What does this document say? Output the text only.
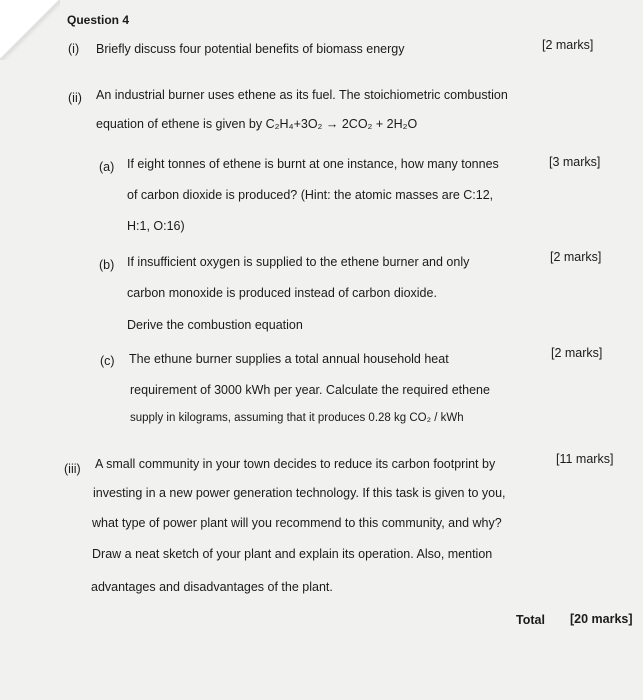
Question 4
(i) Briefly discuss four potential benefits of biomass energy	[2 marks]
(ii) An industrial burner uses ethene as its fuel. The stoichiometric combustion
equation of ethene is given by C₂H₄+3O₂ → 2CO₂ + 2H₂O
(a) If eight tonnes of ethene is burnt at one instance, how many tonnes	[3 marks]
of carbon dioxide is produced? (Hint: the atomic masses are C:12,
H:1, O:16)
(b) If insufficient oxygen is supplied to the ethene burner and only	[2 marks]
carbon monoxide is produced instead of carbon dioxide.
Derive the combustion equation
(c) The ethune burner supplies a total annual household heat	[2 marks]
requirement of 3000 kWh per year. Calculate the required ethene
supply in kilograms, assuming that it produces 0.28 kg CO₂ / kWh
(iii) A small community in your town decides to reduce its carbon footprint by	[11 marks]
investing in a new power generation technology. If this task is given to you,
what type of power plant will you recommend to this community, and why?
Draw a neat sketch of your plant and explain its operation. Also, mention
advantages and disadvantages of the plant.
Total [20 marks]
